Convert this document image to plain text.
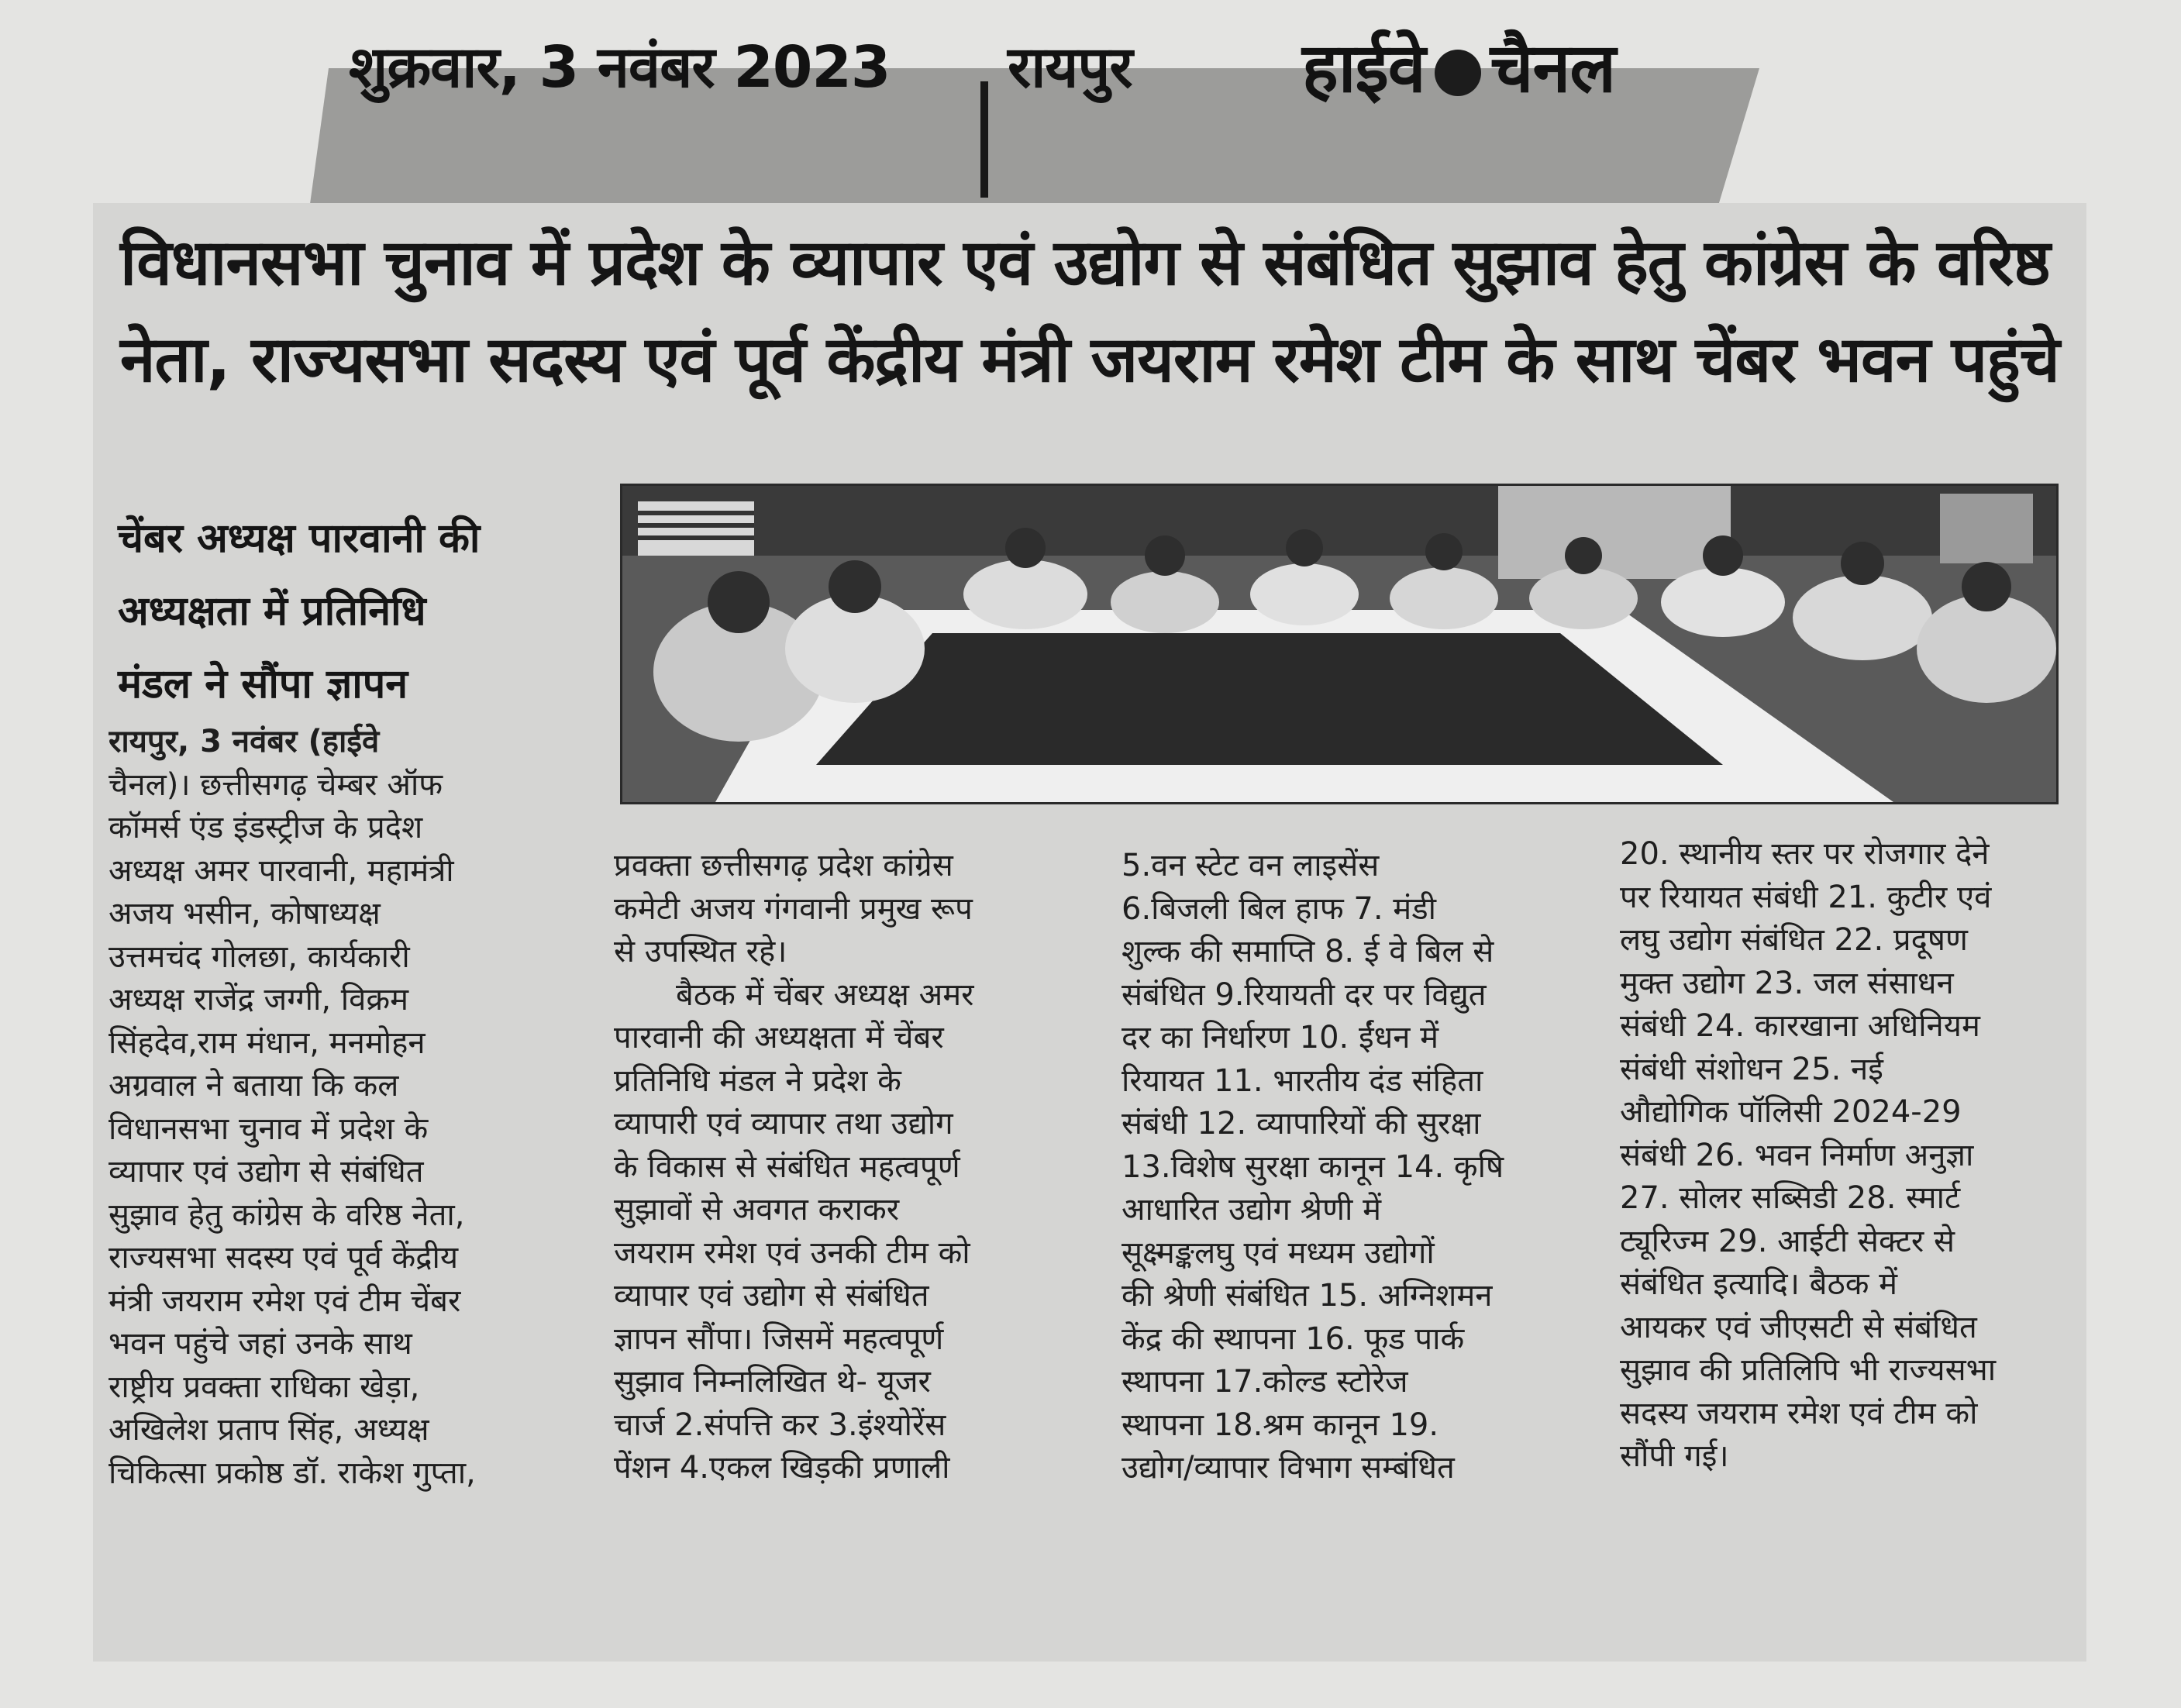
शुक्रवार, 3 नवंबर 2023 रायपुर हाईवे चैनल
विधानसभा चुनाव में प्रदेश के व्यापार एवं उद्योग से संबंधित सुझाव हेतु कांग्रेस के वरिष्ठ
नेता, राज्यसभा सदस्य एवं पूर्व केंद्रीय मंत्री जयराम रमेश टीम के साथ चेंबर भवन पहुंचे
चेंबर अध्यक्ष पारवानी की
अध्यक्षता में प्रतिनिधि
मंडल ने सौंपा ज्ञापन
रायपुर, 3 नवंबर (हाईवे
चैनल)। छत्तीसगढ़ चेम्बर ऑफ
कॉमर्स एंड इंडस्ट्रीज के प्रदेश
अध्यक्ष अमर पारवानी, महामंत्री
अजय भसीन, कोषाध्यक्ष
उत्तमचंद गोलछा, कार्यकारी
अध्यक्ष राजेंद्र जग्गी, विक्रम
सिंहदेव,राम मंधान, मनमोहन
अग्रवाल ने बताया कि कल
विधानसभा चुनाव में प्रदेश के
व्यापार एवं उद्योग से संबंधित
सुझाव हेतु कांग्रेस के वरिष्ठ नेता,
राज्यसभा सदस्य एवं पूर्व केंद्रीय
मंत्री जयराम रमेश एवं टीम चेंबर
भवन पहुंचे जहां उनके साथ
राष्ट्रीय प्रवक्ता राधिका खेड़ा,
अखिलेश प्रताप सिंह, अध्यक्ष
चिकित्सा प्रकोष्ठ डॉ. राकेश गुप्ता,
प्रवक्ता छत्तीसगढ़ प्रदेश कांग्रेस
कमेटी अजय गंगवानी प्रमुख रूप
से उपस्थित रहे।
बैठक में चेंबर अध्यक्ष अमर
पारवानी की अध्यक्षता में चेंबर
प्रतिनिधि मंडल ने प्रदेश के
व्यापारी एवं व्यापार तथा उद्योग
के विकास से संबंधित महत्वपूर्ण
सुझावों से अवगत कराकर
जयराम रमेश एवं उनकी टीम को
व्यापार एवं उद्योग से संबंधित
ज्ञापन सौंपा। जिसमें महत्वपूर्ण
सुझाव निम्नलिखित थे- यूजर
चार्ज 2.संपत्ति कर 3.इंश्योरेंस
पेंशन 4.एकल खिड़की प्रणाली
5.वन स्टेट वन लाइसेंस
6.बिजली बिल हाफ 7. मंडी
शुल्क की समाप्ति 8. ई वे बिल से
संबंधित 9.रियायती दर पर विद्युत
दर का निर्धारण 10. ईंधन में
रियायत 11. भारतीय दंड संहिता
संबंधी 12. व्यापारियों की सुरक्षा
13.विशेष सुरक्षा कानून 14. कृषि
आधारित उद्योग श्रेणी में
सूक्ष्मङ्कलघु एवं मध्यम उद्योगों
की श्रेणी संबंधित 15. अग्निशमन
केंद्र की स्थापना 16. फूड पार्क
स्थापना 17.कोल्ड स्टोरेज
स्थापना 18.श्रम कानून 19.
उद्योग/व्यापार विभाग सम्बंधित
20. स्थानीय स्तर पर रोजगार देने
पर रियायत संबंधी 21. कुटीर एवं
लघु उद्योग संबंधित 22. प्रदूषण
मुक्त उद्योग 23. जल संसाधन
संबंधी 24. कारखाना अधिनियम
संबंधी संशोधन 25. नई
औद्योगिक पॉलिसी 2024-29
संबंधी 26. भवन निर्माण अनुज्ञा
27. सोलर सब्सिडी 28. स्मार्ट
ट्यूरिज्म 29. आईटी सेक्टर से
संबंधित इत्यादि। बैठक में
आयकर एवं जीएसटी से संबंधित
सुझाव की प्रतिलिपि भी राज्यसभा
सदस्य जयराम रमेश एवं टीम को
सौंपी गई।
